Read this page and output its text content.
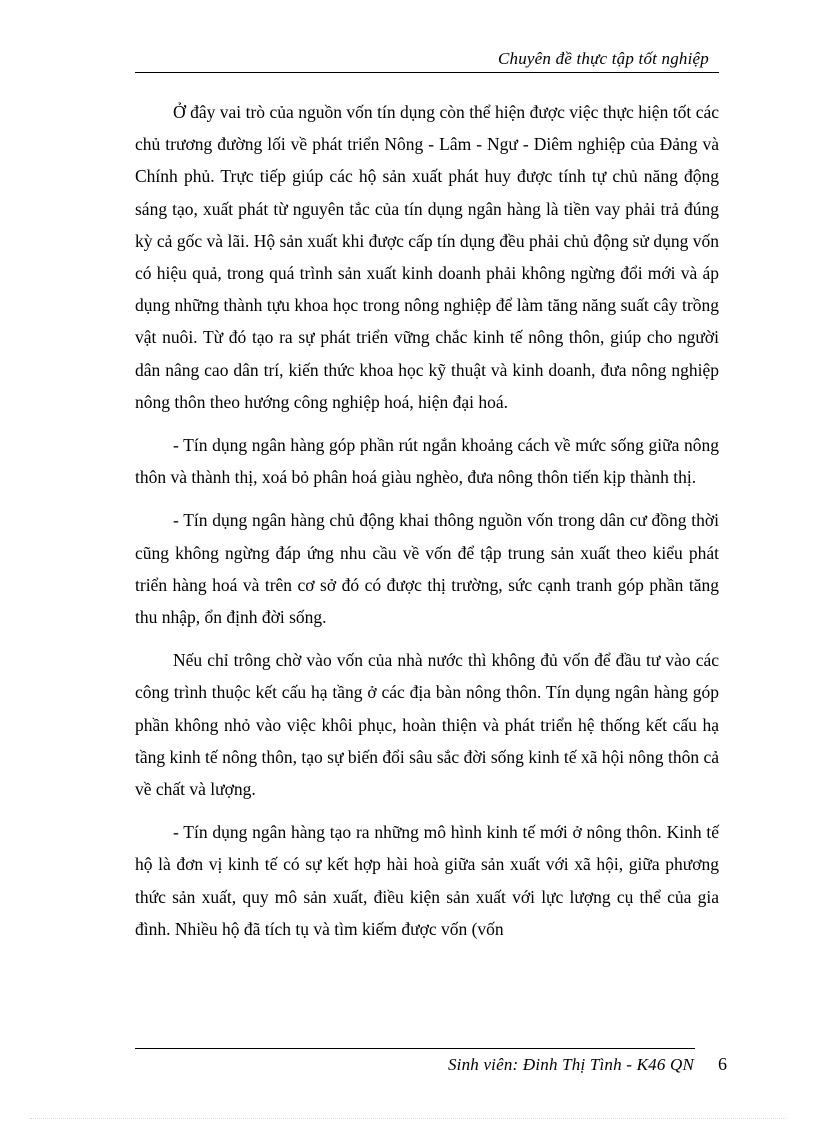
Chuyên đề thực tập tốt nghiệp

Ở đây vai trò của nguồn vốn tín dụng còn thể hiện được việc thực hiện tốt các chủ trương đường lối về phát triển Nông - Lâm - Ngư - Diêm nghiệp của Đảng và Chính phủ. Trực tiếp giúp các hộ sản xuất phát huy được tính tự chủ năng động sáng tạo, xuất phát từ nguyên tắc của tín dụng ngân hàng là tiền vay phải trả đúng kỳ cả gốc và lãi. Hộ sản xuất khi được cấp tín dụng đều phải chủ động sử dụng vốn có hiệu quả, trong quá trình sản xuất kinh doanh phải không ngừng đổi mới và áp dụng những thành tựu khoa học trong nông nghiệp để làm tăng năng suất cây trồng vật nuôi. Từ đó tạo ra sự phát triển vững chắc kinh tế nông thôn, giúp cho người dân nâng cao dân trí, kiến thức khoa học kỹ thuật và kinh doanh, đưa nông nghiệp nông thôn theo hướng công nghiệp hoá, hiện đại hoá.

- Tín dụng ngân hàng góp phần rút ngắn khoảng cách về mức sống giữa nông thôn và thành thị, xoá bỏ phân hoá giàu nghèo, đưa nông thôn tiến kịp thành thị.

- Tín dụng ngân hàng chủ động khai thông nguồn vốn trong dân cư đồng thời cũng không ngừng đáp ứng nhu cầu về vốn để tập trung sản xuất theo kiểu phát triển hàng hoá và trên cơ sở đó có được thị trường, sức cạnh tranh góp phần tăng thu nhập, ổn định đời sống.

Nếu chỉ trông chờ vào vốn của nhà nước thì không đủ vốn để đầu tư vào các công trình thuộc kết cấu hạ tầng ở các địa bàn nông thôn. Tín dụng ngân hàng góp phần không nhỏ vào việc khôi phục, hoàn thiện và phát triển hệ thống kết cấu hạ tầng kinh tế nông thôn, tạo sự biến đổi sâu sắc đời sống kinh tế xã hội nông thôn cả về chất và lượng.

- Tín dụng ngân hàng tạo ra những mô hình kinh tế mới ở nông thôn. Kinh tế hộ là đơn vị kinh tế có sự kết hợp hài hoà giữa sản xuất với xã hội, giữa phương thức sản xuất, quy mô sản xuất, điều kiện sản xuất với lực lượng cụ thể của gia đình. Nhiều hộ đã tích tụ và tìm kiếm được vốn (vốn

Sinh viên: Đinh Thị Tình - K46 QN 6
